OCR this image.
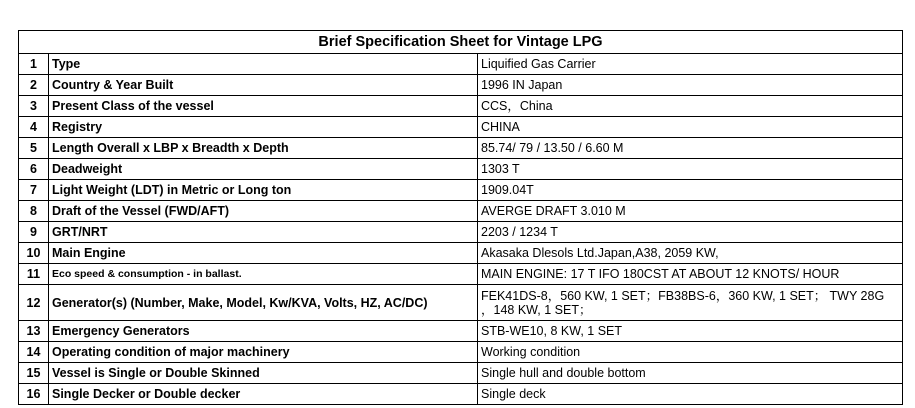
Brief Specification Sheet for Vintage LPG		
1	Type	Liquified Gas Carrier
2	Country & Year Built	1996 IN Japan
3	Present Class of the vessel	CCS，China
4	Registry	CHINA
5	Length Overall x LBP x Breadth x Depth	85.74/ 79 / 13.50 / 6.60 M
6	Deadweight	1303 T
7	Light Weight (LDT) in Metric or Long ton	1909.04T
8	Draft of the Vessel (FWD/AFT)	AVERGE DRAFT 3.010 M
9	GRT/NRT	2203 / 1234 T
10	Main Engine	Akasaka Dlesols Ltd.Japan,A38, 2059 KW,
11	Eco speed & consumption - in ballast.	MAIN ENGINE: 17 T IFO 180CST AT ABOUT 12 KNOTS/ HOUR
12	Generator(s) (Number, Make, Model, Kw/KVA, Volts, HZ, AC/DC)	FEK41DS-8，560 KW, 1 SET；FB38BS-6，360 KW, 1 SET； TWY 28G ，148 KW, 1 SET；
13	Emergency Generators	STB-WE10, 8 KW, 1 SET
14	Operating condition of major machinery	Working condition
15	Vessel is Single or Double Skinned	Single hull and double bottom
16	Single Decker or Double decker	Single deck
